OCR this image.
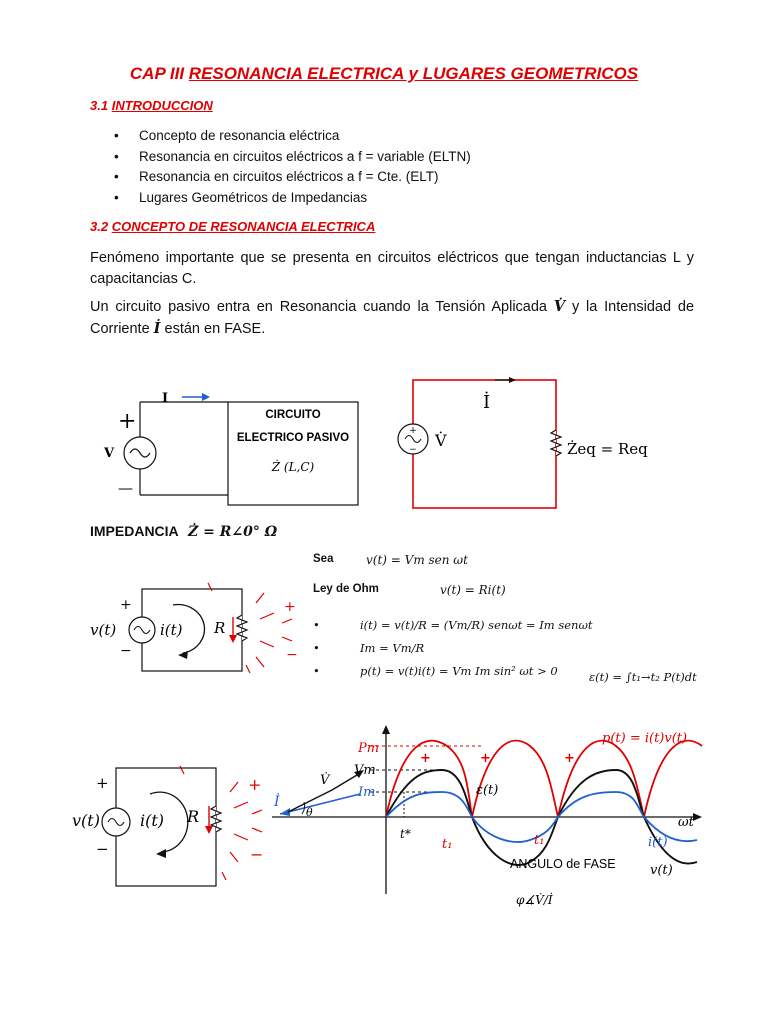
CAP III RESONANCIA ELECTRICA y LUGARES GEOMETRICOS
3.1 INTRODUCCION
• Concepto de resonancia eléctrica
• Resonancia en circuitos eléctricos a f = variable (ELTN)
• Resonancia en circuitos eléctricos a f = Cte. (ELT)
• Lugares Geométricos de Impedancias
3.2 CONCEPTO DE RESONANCIA ELECTRICA
Fenómeno importante que se presenta en circuitos eléctricos que tengan inductancias L y capacitancias C.
Un circuito pasivo entra en Resonancia cuando la Tensión Aplicada V̇ y la Intensidad de Corriente İ están en FASE.
I
V
+
—
CIRCUITO
ELECTRICO PASIVO
Ż (L,C)
+
−
İ
V̇	Żeq = Req
IMPEDANCIA Ż = R∠0° Ω
Sea	v(t) = Vm sen ωt
Ley de Ohm	v(t) = Ri(t)
• i(t) = v(t)/R = (Vm/R) senωt = Im senωt
• Im = Vm/R
• p(t) = v(t)i(t) = Vm Im sin² ωt > 0	ε(t) = ∫t₁→t₂ P(t)dt
+
−
v(t)	i(t) R
+
−
+
−
v(t)	i(t) R
+
−
Pm
Vm
Im
V̇
İ
θ
ωt
p(t) = i(t)v(t)
ε(t)
t*
t₁	t₁
ANGULO de FASE
φ∡V̇/İ
i(t)
v(t)
+	+	+
